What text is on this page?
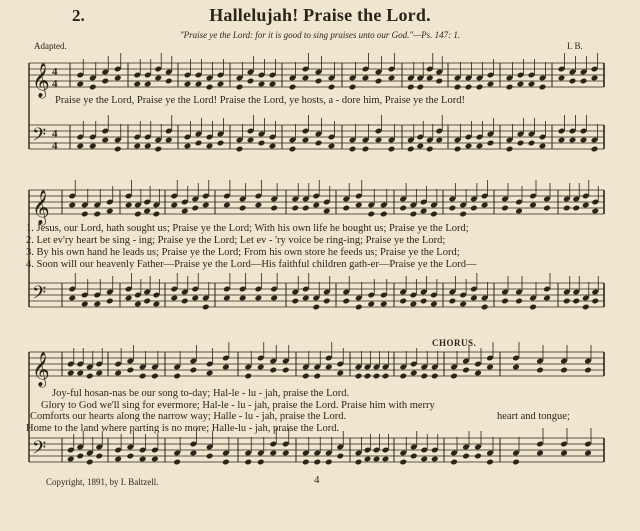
2.	Hallelujah! Praise the Lord.
"Praise ye the Lord: for it is good to sing praises unto our God."—Ps. 147: 1.
Adapted.	I. B.
𝄞
𝄢
𝄞
𝄢
𝄞
𝄢
4
4
4
4
Praise ye the Lord, Praise ye the Lord! Praise the Lord, ye hosts, a - dore him, Praise ye the Lord!
1. Jesus, our Lord, hath sought us; Praise ye the Lord; With his own life he bought us; Praise ye the Lord;
2. Let ev'ry heart be sing - ing; Praise ye the Lord; Let ev - 'ry voice be ring-ing; Praise ye the Lord;
3. By his own hand he leads us; Praise ye the Lord; From his own store he feeds us; Praise ye the Lord;
4. Soon will our heavenly Father—Praise ye the Lord—His faithful children gath-er—Praise ye the Lord—
CHORUS.
Joy-ful hosan-nas be our song to-day; Hal-le - lu - jah, praise the Lord.
Glory to God we'll sing for evermore; Hal-le - lu - jah, praise the Lord. Praise him with merry
Comforts our hearts along the narrow way; Halle - lu - jah, praise the Lord.	heart and tongue;
Home to the land where parting is no more; Halle-lu - jah, praise the Lord.
Copyright, 1891, by I. Baltzell.	4
